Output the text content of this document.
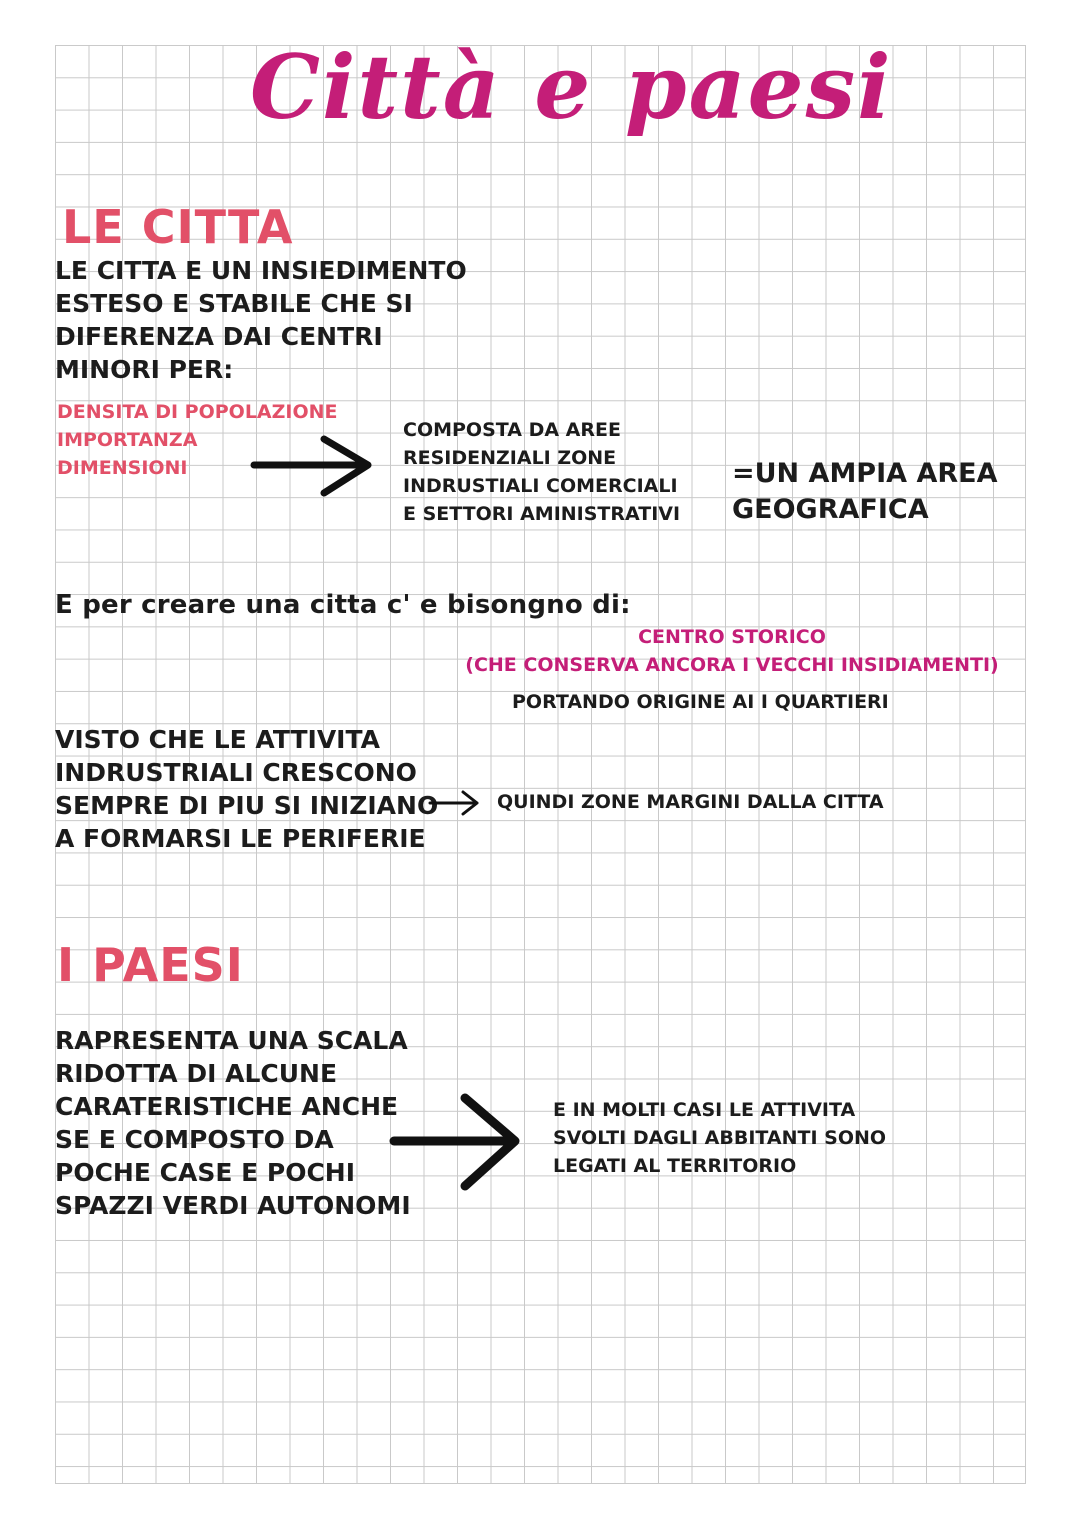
Città e paesi
LE CITTA
LE CITTA E UN INSIEDIMENTO
ESTESO E STABILE CHE SI
DIFERENZA DAI CENTRI
MINORI PER:
DENSITA DI POPOLAZIONE
IMPORTANZA
DIMENSIONI
COMPOSTA DA AREE
RESIDENZIALI ZONE
INDRUSTIALI COMERCIALI
E SETTORI AMINISTRATIVI
=UN AMPIA AREA
GEOGRAFICA
E per creare una citta c' e bisongno di:
CENTRO STORICO
(CHE CONSERVA ANCORA I VECCHI INSIDIAMENTI)
PORTANDO ORIGINE AI I QUARTIERI
VISTO CHE LE ATTIVITA
INDRUSTRIALI CRESCONO
SEMPRE DI PIU SI INIZIANO
A FORMARSI LE PERIFERIE
QUINDI ZONE MARGINI DALLA CITTA
I PAESI
RAPRESENTA UNA SCALA
RIDOTTA DI ALCUNE
CARATERISTICHE ANCHE
SE E COMPOSTO DA
POCHE CASE E POCHI
SPAZZI VERDI AUTONOMI
E IN MOLTI CASI LE ATTIVITA
SVOLTI DAGLI ABBITANTI SONO
LEGATI AL TERRITORIO
